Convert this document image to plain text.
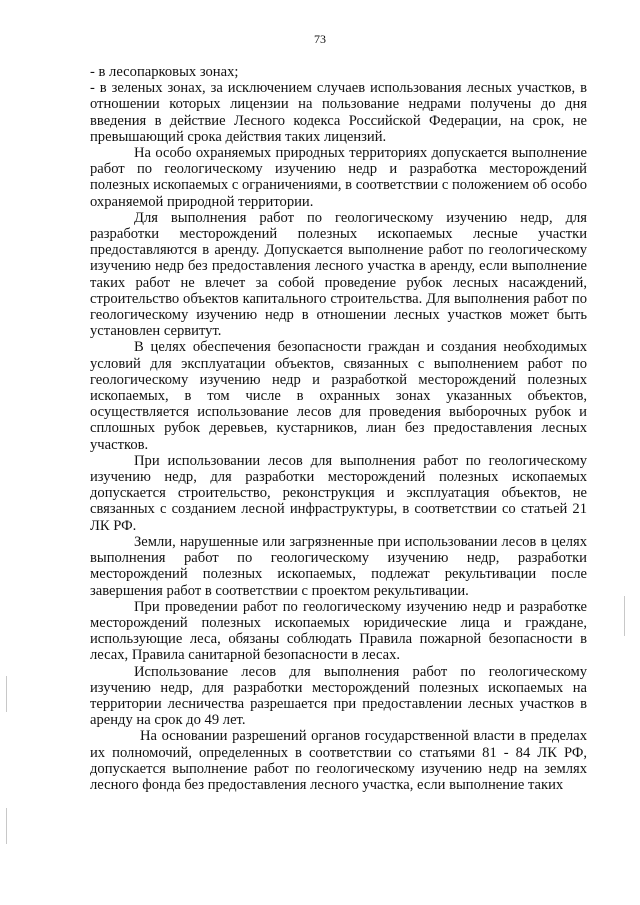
73

- в лесопарковых зонах;

- в зеленых зонах, за исключением случаев использования лесных участков, в отношении которых лицензии на пользование недрами получены до дня введения в действие Лесного кодекса Российской Федерации, на срок, не превышающий срока действия таких лицензий.

На особо охраняемых природных территориях допускается выполнение работ по геологическому изучению недр и разработка месторождений полезных ископаемых с ограничениями, в соответствии с положением об особо охраняемой природной территории.

Для выполнения работ по геологическому изучению недр, для разработки месторождений полезных ископаемых лесные участки предоставляются в аренду. Допускается выполнение работ по геологическому изучению недр без предоставления лесного участка в аренду, если выполнение таких работ не влечет за собой проведение рубок лесных насаждений, строительство объектов капитального строительства. Для выполнения работ по геологическому изучению недр в отношении лесных участков может быть установлен сервитут.

В целях обеспечения безопасности граждан и создания необходимых условий для эксплуатации объектов, связанных с выполнением работ по геологическому изучению недр и разработкой месторождений полезных ископаемых, в том числе в охранных зонах указанных объектов, осуществляется использование лесов для проведения выборочных рубок и сплошных рубок деревьев, кустарников, лиан без предоставления лесных участков.

При использовании лесов для выполнения работ по геологическому изучению недр, для разработки месторождений полезных ископаемых допускается строительство, реконструкция и эксплуатация объектов, не связанных с созданием лесной инфраструктуры, в соответствии со статьей 21 ЛК РФ.

Земли, нарушенные или загрязненные при использовании лесов в целях выполнения работ по геологическому изучению недр, разработки месторождений полезных ископаемых, подлежат рекультивации после завершения работ в соответствии с проектом рекультивации.

При проведении работ по геологическому изучению недр и разработке месторождений полезных ископаемых юридические лица и граждане, использующие леса, обязаны соблюдать Правила пожарной безопасности в лесах, Правила санитарной безопасности в лесах.

Использование лесов для выполнения работ по геологическому изучению недр, для разработки месторождений полезных ископаемых на территории лесничества разрешается при предоставлении лесных участков в аренду на срок до 49 лет.

На основании разрешений органов государственной власти в пределах их полномочий, определенных в соответствии со статьями 81 - 84 ЛК РФ, допускается выполнение работ по геологическому изучению недр на землях лесного фонда без предоставления лесного участка, если выполнение таких
